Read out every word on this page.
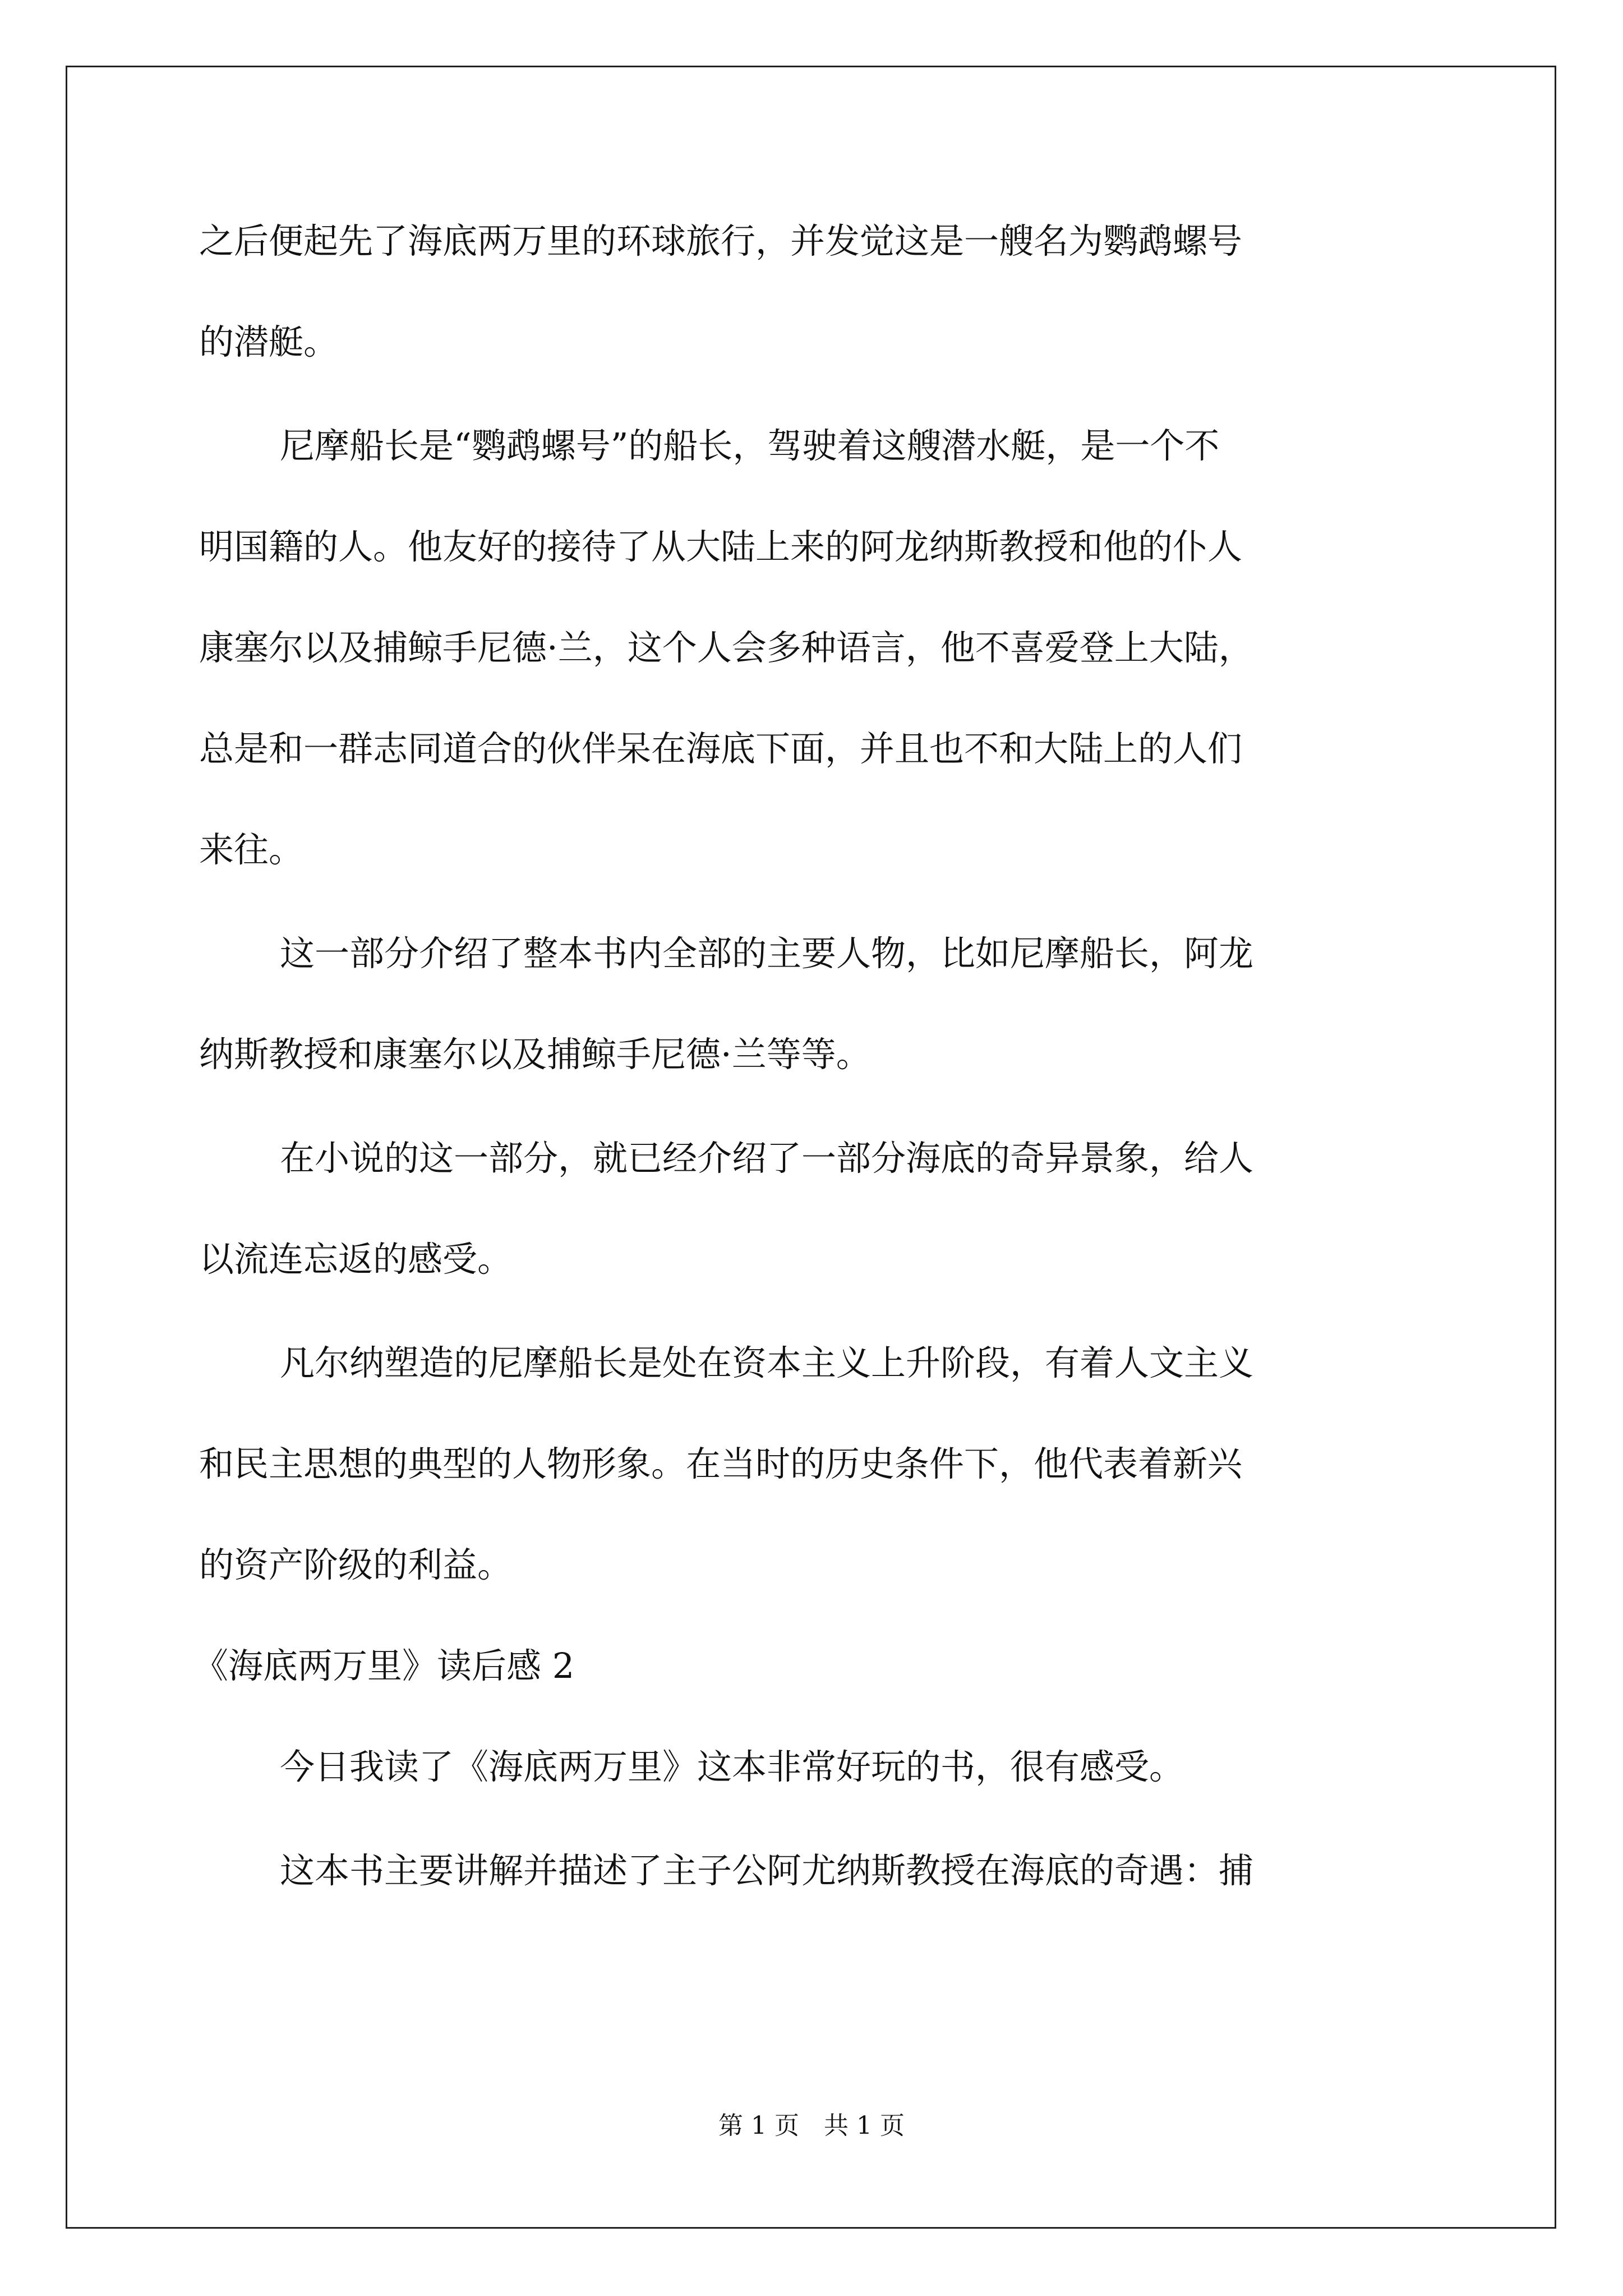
之后便起先了海底两万里的环球旅行，并发觉这是一艘名为鹦鹉螺号
的潜艇。
尼摩船长是“鹦鹉螺号”的船长，驾驶着这艘潜水艇，是一个不
明国籍的人。他友好的接待了从大陆上来的阿龙纳斯教授和他的仆人
康塞尔以及捕鲸手尼德·兰，这个人会多种语言，他不喜爱登上大陆，
总是和一群志同道合的伙伴呆在海底下面，并且也不和大陆上的人们
来往。
这一部分介绍了整本书内全部的主要人物，比如尼摩船长，阿龙
纳斯教授和康塞尔以及捕鲸手尼德·兰等等。
在小说的这一部分，就已经介绍了一部分海底的奇异景象，给人
以流连忘返的感受。
凡尔纳塑造的尼摩船长是处在资本主义上升阶段，有着人文主义
和民主思想的典型的人物形象。在当时的历史条件下，他代表着新兴
的资产阶级的利益。
《海底两万里》读后感 2
今日我读了《海底两万里》这本非常好玩的书，很有感受。
这本书主要讲解并描述了主子公阿尤纳斯教授在海底的奇遇：捕
第 1 页　共 1 页
